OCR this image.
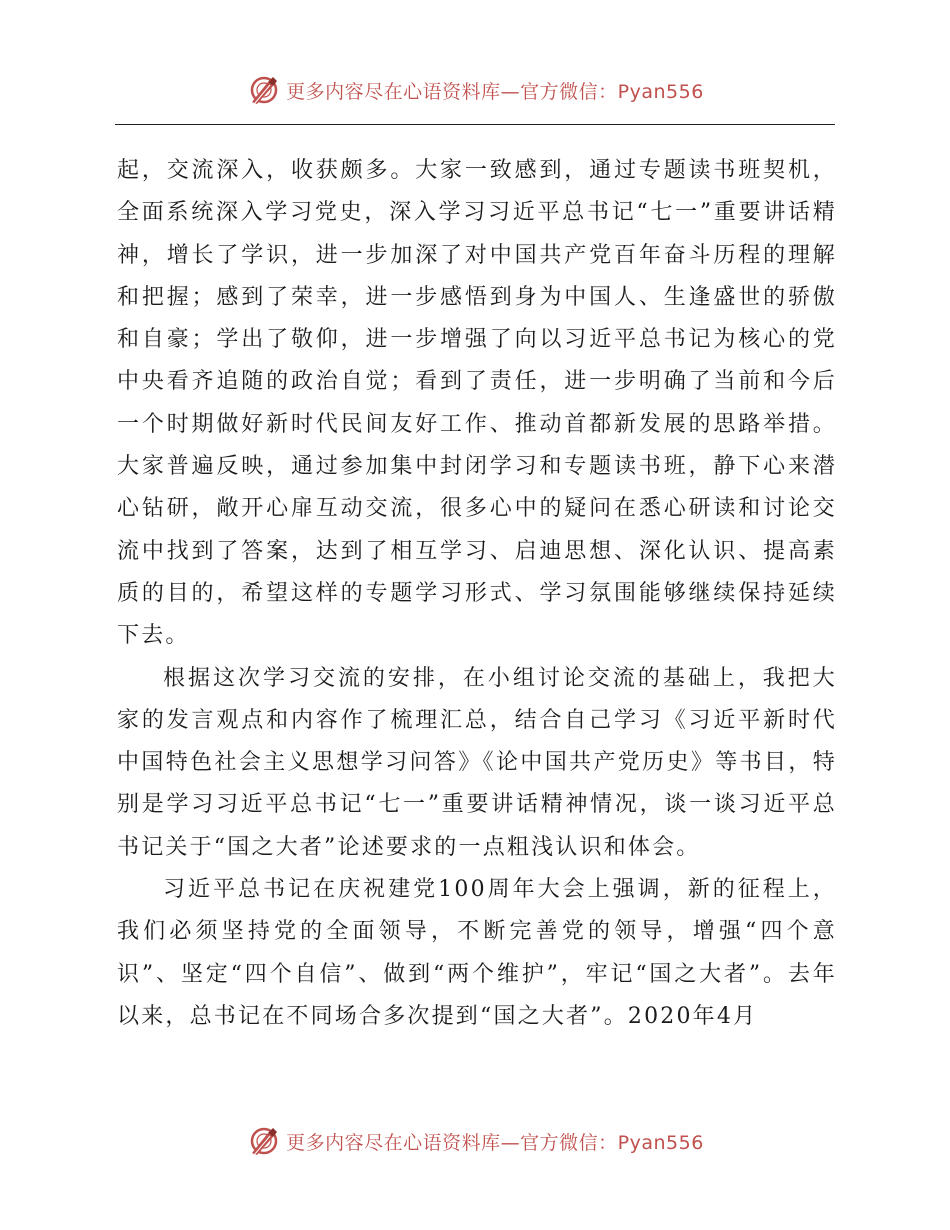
更多内容尽在心语资料库—官方微信：Pyan556

起，交流深入，收获颇多。大家一致感到，通过专题读书班契机，全面系统深入学习党史，深入学习习近平总书记“七一”重要讲话精神，增长了学识，进一步加深了对中国共产党百年奋斗历程的理解和把握；感到了荣幸，进一步感悟到身为中国人、生逢盛世的骄傲和自豪；学出了敬仰，进一步增强了向以习近平总书记为核心的党中央看齐追随的政治自觉；看到了责任，进一步明确了当前和今后一个时期做好新时代民间友好工作、推动首都新发展的思路举措。大家普遍反映，通过参加集中封闭学习和专题读书班，静下心来潜心钻研，敞开心扉互动交流，很多心中的疑问在悉心研读和讨论交流中找到了答案，达到了相互学习、启迪思想、深化认识、提高素质的目的，希望这样的专题学习形式、学习氛围能够继续保持延续下去。

根据这次学习交流的安排，在小组讨论交流的基础上，我把大家的发言观点和内容作了梳理汇总，结合自己学习《习近平新时代中国特色社会主义思想学习问答》《论中国共产党历史》等书目，特别是学习习近平总书记“七一”重要讲话精神情况，谈一谈习近平总书记关于“国之大者”论述要求的一点粗浅认识和体会。

习近平总书记在庆祝建党100周年大会上强调，新的征程上，我们必须坚持党的全面领导，不断完善党的领导，增强“四个意识”、坚定“四个自信”、做到“两个维护”，牢记“国之大者”。去年以来，总书记在不同场合多次提到“国之大者”。2020年4月

更多内容尽在心语资料库—官方微信：Pyan556
